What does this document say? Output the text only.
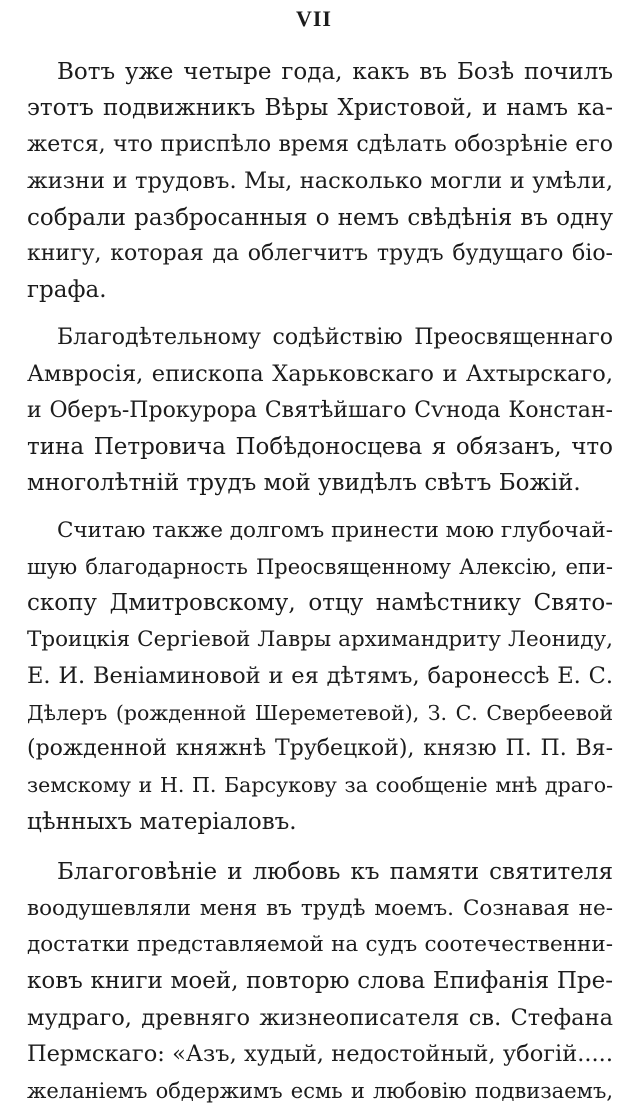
VII
Вотъ уже четыре года, какъ въ Бозѣ почилъ
этотъ подвижникъ Вѣры Христовой, и намъ ка-
жется, что приспѣло время сдѣлать обозрѣніе его
жизни и трудовъ. Мы, насколько могли и умѣли,
собрали разбросанныя о немъ свѣдѣнія въ одну
книгу, которая да облегчитъ трудъ будущаго біо-
графа.
Благодѣтельному содѣйствію Преосвященнаго
Амвросія, епископа Харьковскаго и Ахтырскаго,
и Оберъ-Прокурора Святѣйшаго Сѵнода Констан-
тина Петровича Побѣдоносцева я обязанъ, что
многолѣтній трудъ мой увидѣлъ свѣтъ Божій.
Считаю также долгомъ принести мою глубочай-
шую благодарность Преосвященному Алексію, епи-
скопу Дмитровскому, отцу намѣстнику Свято-
Троицкія Сергіевой Лавры архимандриту Леониду,
Е. И. Веніаминовой и ея дѣтямъ, баронессѣ Е. С.
Дѣлеръ (рожденной Шереметевой), З. С. Свербеевой
(рожденной княжнѣ Трубецкой), князю П. П. Вя-
земскому и Н. П. Барсукову за сообщеніе мнѣ драго-
цѣнныхъ матеріаловъ.
Благоговѣніе и любовь къ памяти святителя
воодушевляли меня въ трудѣ моемъ. Сознавая не-
достатки представляемой на судъ соотечественни-
ковъ книги моей, повторю слова Епифанія Пре-
мудраго, древняго жизнеописателя св. Стефана
Пермскаго: «Азъ, худый, недостойный, убогій.....
желаніемъ обдержимъ есмь и любовію подвизаемъ,
